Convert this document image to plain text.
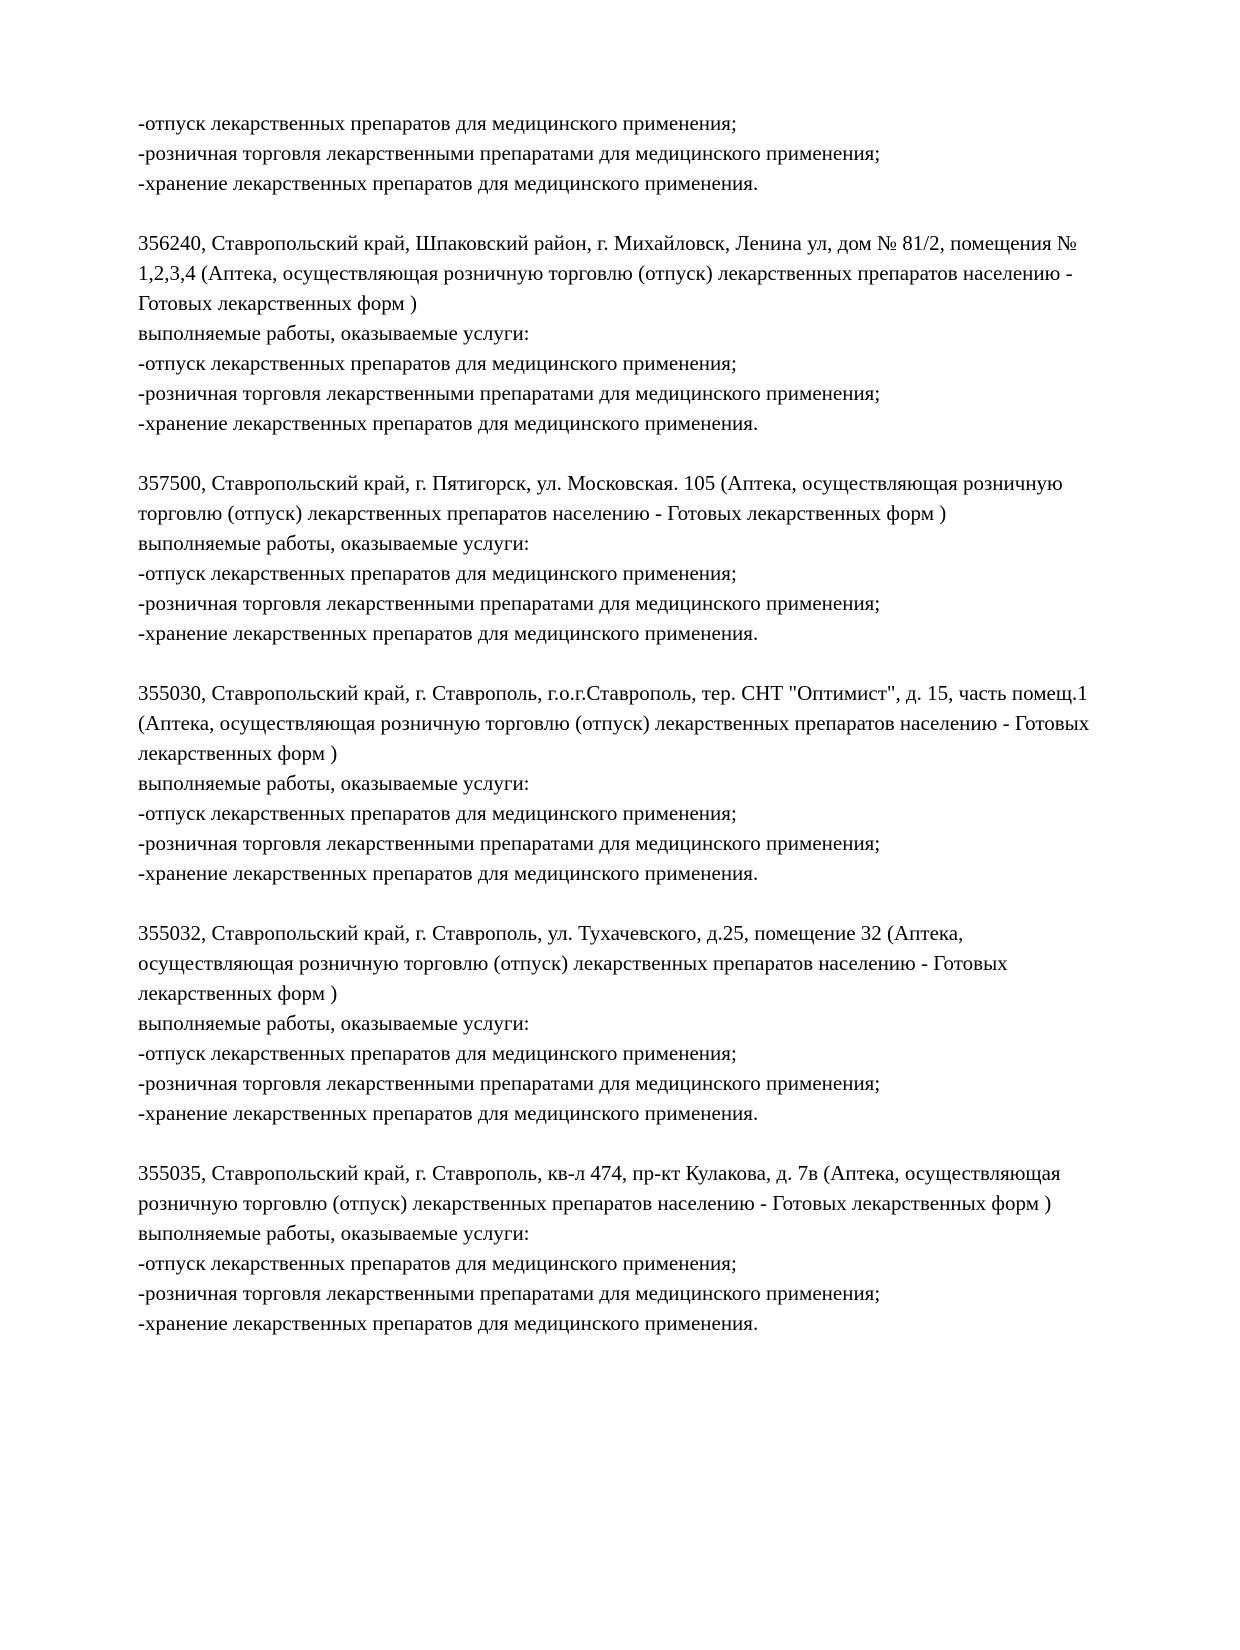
-отпуск лекарственных препаратов для медицинского применения;

-розничная торговля лекарственными препаратами для медицинского применения;

-хранение лекарственных препаратов для медицинского применения.

356240, Ставропольский край, Шпаковский район, г. Михайловск, Ленина ул, дом № 81/2, помещения № 1,2,3,4 (Аптека, осуществляющая розничную торговлю (отпуск) лекарственных препаратов населению - Готовых лекарственных форм )

выполняемые работы, оказываемые услуги:

-отпуск лекарственных препаратов для медицинского применения;

-розничная торговля лекарственными препаратами для медицинского применения;

-хранение лекарственных препаратов для медицинского применения.

357500, Ставропольский край, г. Пятигорск, ул. Московская. 105 (Аптека, осуществляющая розничную торговлю (отпуск) лекарственных препаратов населению - Готовых лекарственных форм )

выполняемые работы, оказываемые услуги:

-отпуск лекарственных препаратов для медицинского применения;

-розничная торговля лекарственными препаратами для медицинского применения;

-хранение лекарственных препаратов для медицинского применения.

355030, Ставропольский край, г. Ставрополь, г.о.г.Ставрополь, тер. СНТ "Оптимист", д. 15, часть помещ.1 (Аптека, осуществляющая розничную торговлю (отпуск) лекарственных препаратов населению - Готовых лекарственных форм )

выполняемые работы, оказываемые услуги:

-отпуск лекарственных препаратов для медицинского применения;

-розничная торговля лекарственными препаратами для медицинского применения;

-хранение лекарственных препаратов для медицинского применения.

355032, Ставропольский край, г. Ставрополь, ул. Тухачевского, д.25, помещение 32 (Аптека, осуществляющая розничную торговлю (отпуск) лекарственных препаратов населению - Готовых лекарственных форм )

выполняемые работы, оказываемые услуги:

-отпуск лекарственных препаратов для медицинского применения;

-розничная торговля лекарственными препаратами для медицинского применения;

-хранение лекарственных препаратов для медицинского применения.

355035, Ставропольский край, г. Ставрополь, кв-л 474, пр-кт Кулакова, д. 7в (Аптека, осуществляющая розничную торговлю (отпуск) лекарственных препаратов населению - Готовых лекарственных форм )

выполняемые работы, оказываемые услуги:

-отпуск лекарственных препаратов для медицинского применения;

-розничная торговля лекарственными препаратами для медицинского применения;

-хранение лекарственных препаратов для медицинского применения.
